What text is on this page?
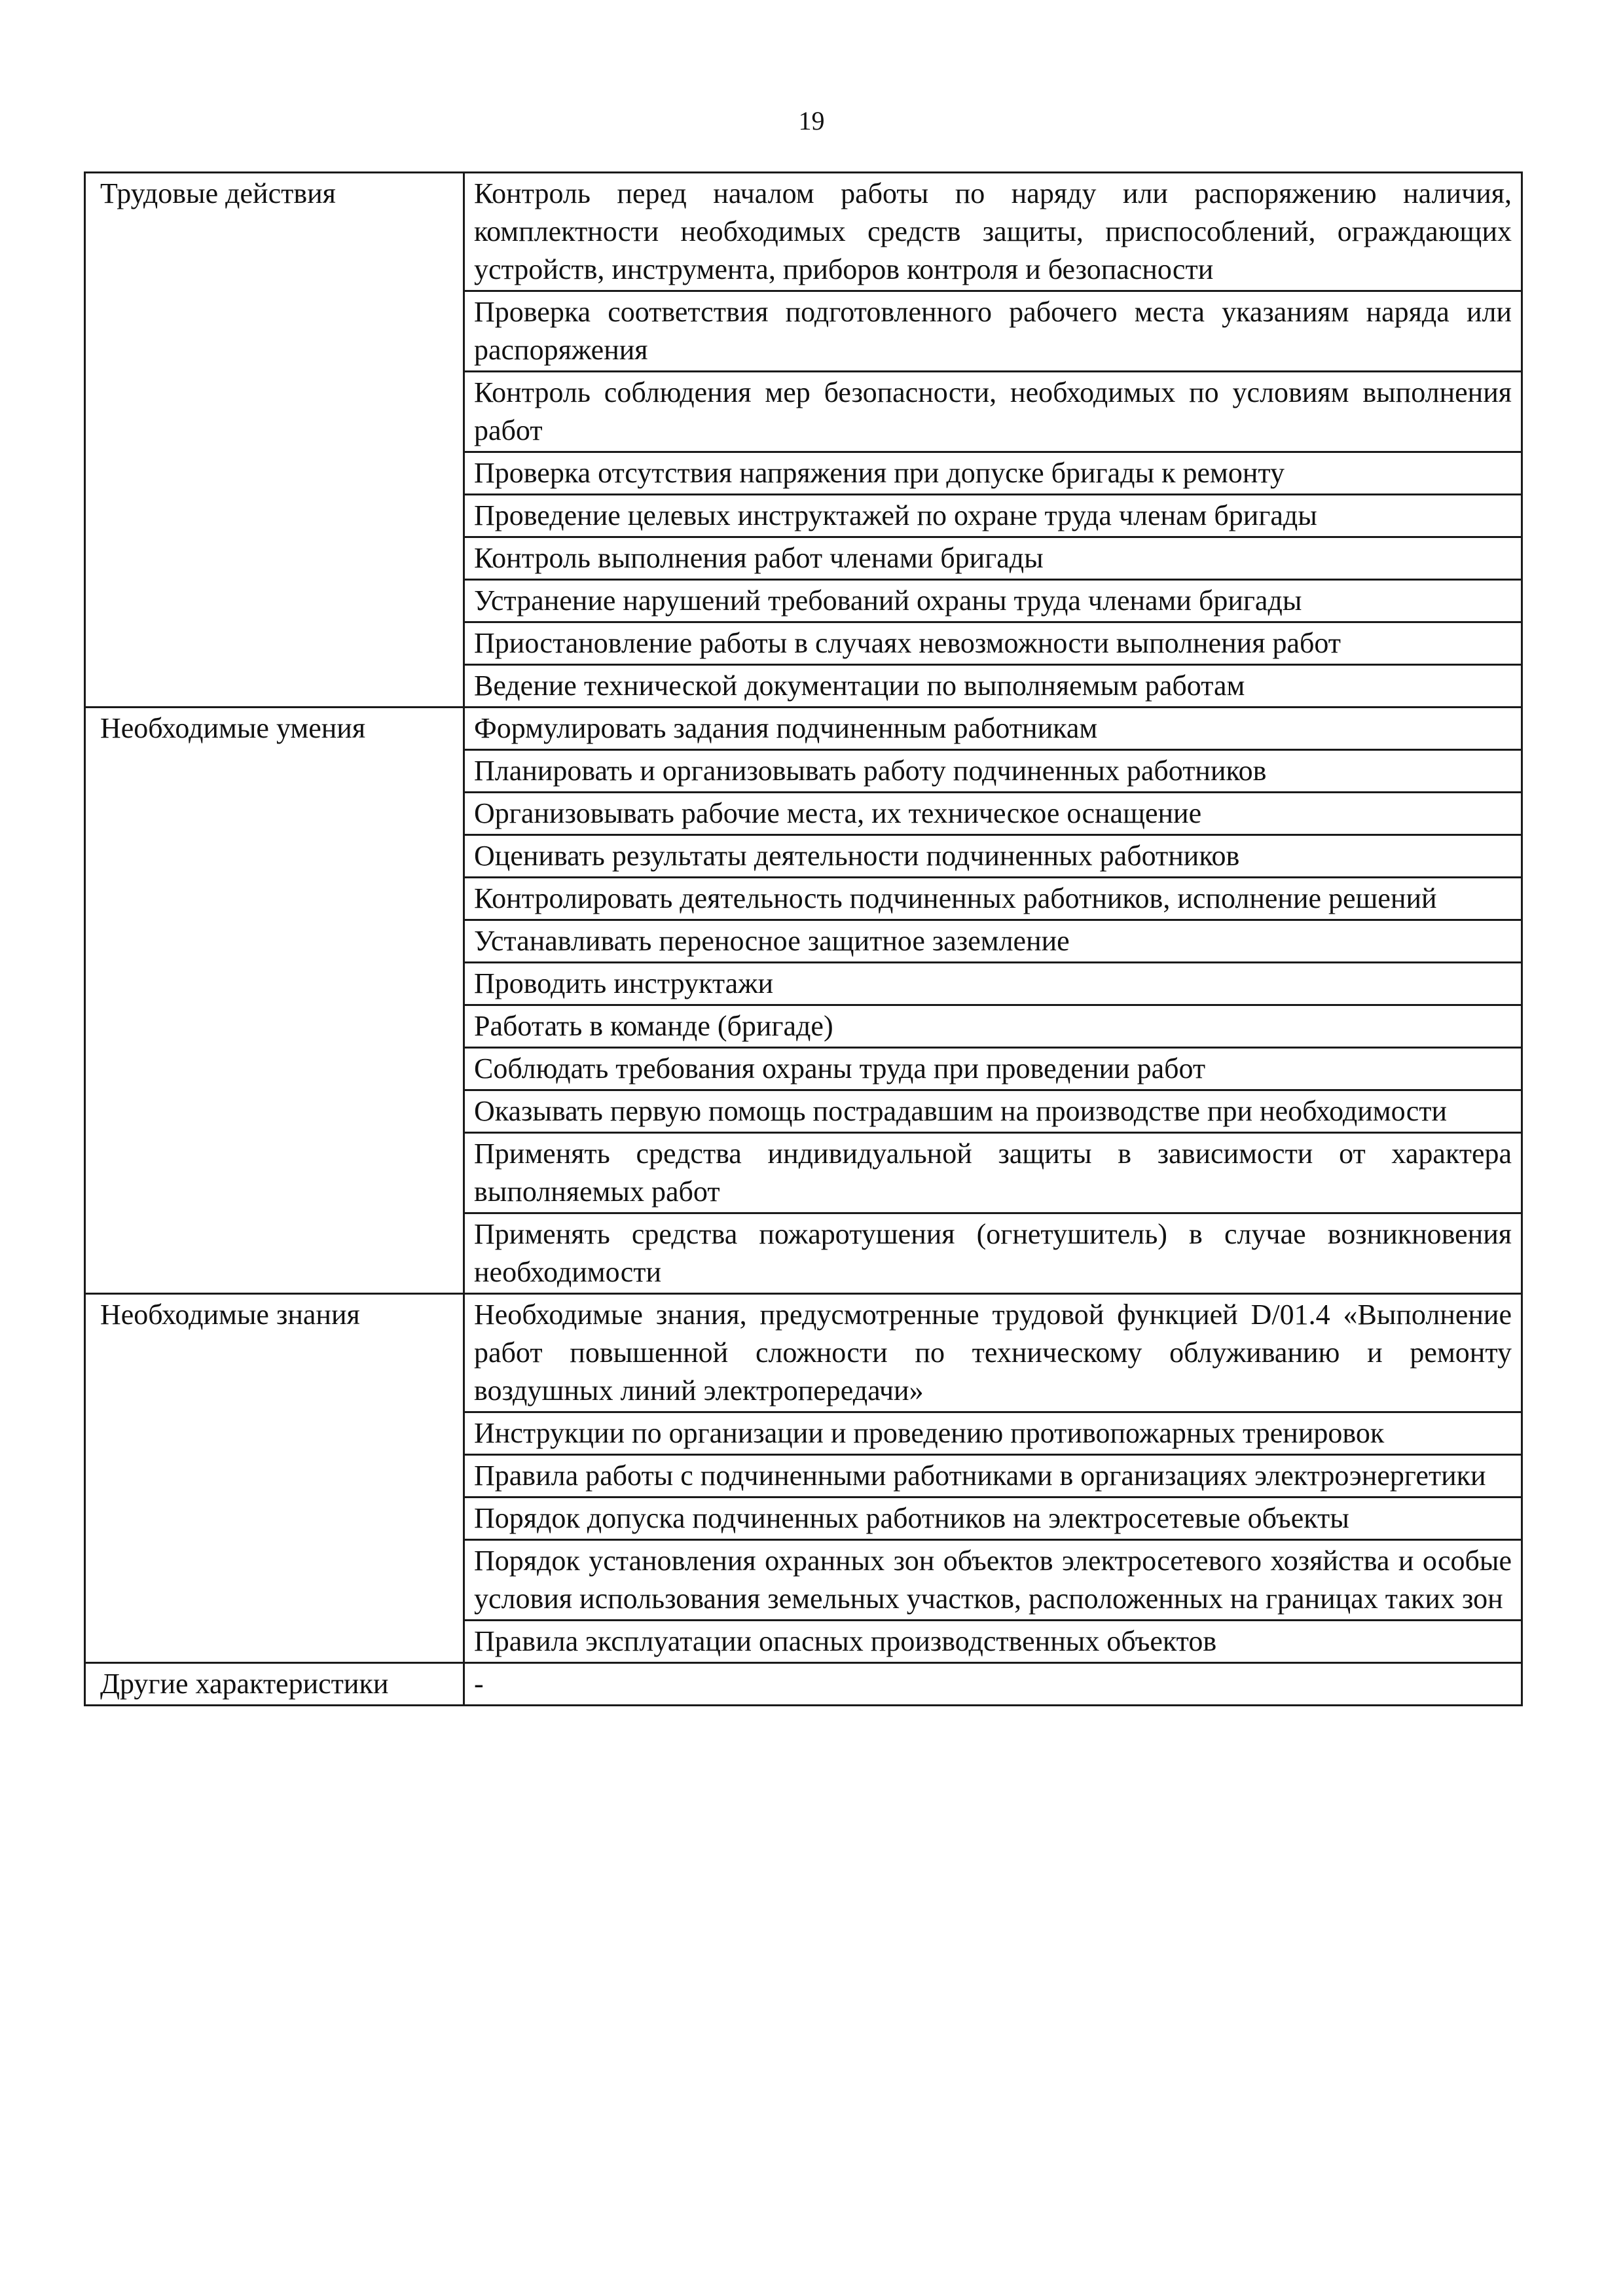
19
Трудовые действия	Контроль перед началом работы по наряду или распоряжению наличия, комплектности необходимых средств защиты, приспособлений, ограждающих устройств, инструмента, приборов контроля и безопасности
	Проверка соответствия подготовленного рабочего места указаниям наряда или распоряжения
	Контроль соблюдения мер безопасности, необходимых по условиям выполнения работ
	Проверка отсутствия напряжения при допуске бригады к ремонту
	Проведение целевых инструктажей по охране труда членам бригады
	Контроль выполнения работ членами бригады
	Устранение нарушений требований охраны труда членами бригады
	Приостановление работы в случаях невозможности выполнения работ
	Ведение технической документации по выполняемым работам
Необходимые умения	Формулировать задания подчиненным работникам
	Планировать и организовывать работу подчиненных работников
	Организовывать рабочие места, их техническое оснащение
	Оценивать результаты деятельности подчиненных работников
	Контролировать деятельность подчиненных работников, исполнение решений
	Устанавливать переносное защитное заземление
	Проводить инструктажи
	Работать в команде (бригаде)
	Соблюдать требования охраны труда при проведении работ
	Оказывать первую помощь пострадавшим на производстве при необходимости
	Применять средства индивидуальной защиты в зависимости от характера выполняемых работ
	Применять средства пожаротушения (огнетушитель) в случае возникновения необходимости
Необходимые знания	Необходимые знания, предусмотренные трудовой функцией D/01.4 «Выполнение работ повышенной сложности по техническому облуживанию и ремонту воздушных линий электропередачи»
	Инструкции по организации и проведению противопожарных тренировок
	Правила работы с подчиненными работниками в организациях электроэнергетики
	Порядок допуска подчиненных работников на электросетевые объекты
	Порядок установления охранных зон объектов электросетевого хозяйства и особые условия использования земельных участков, расположенных на границах таких зон
	Правила эксплуатации опасных производственных объектов
Другие характеристики	-
